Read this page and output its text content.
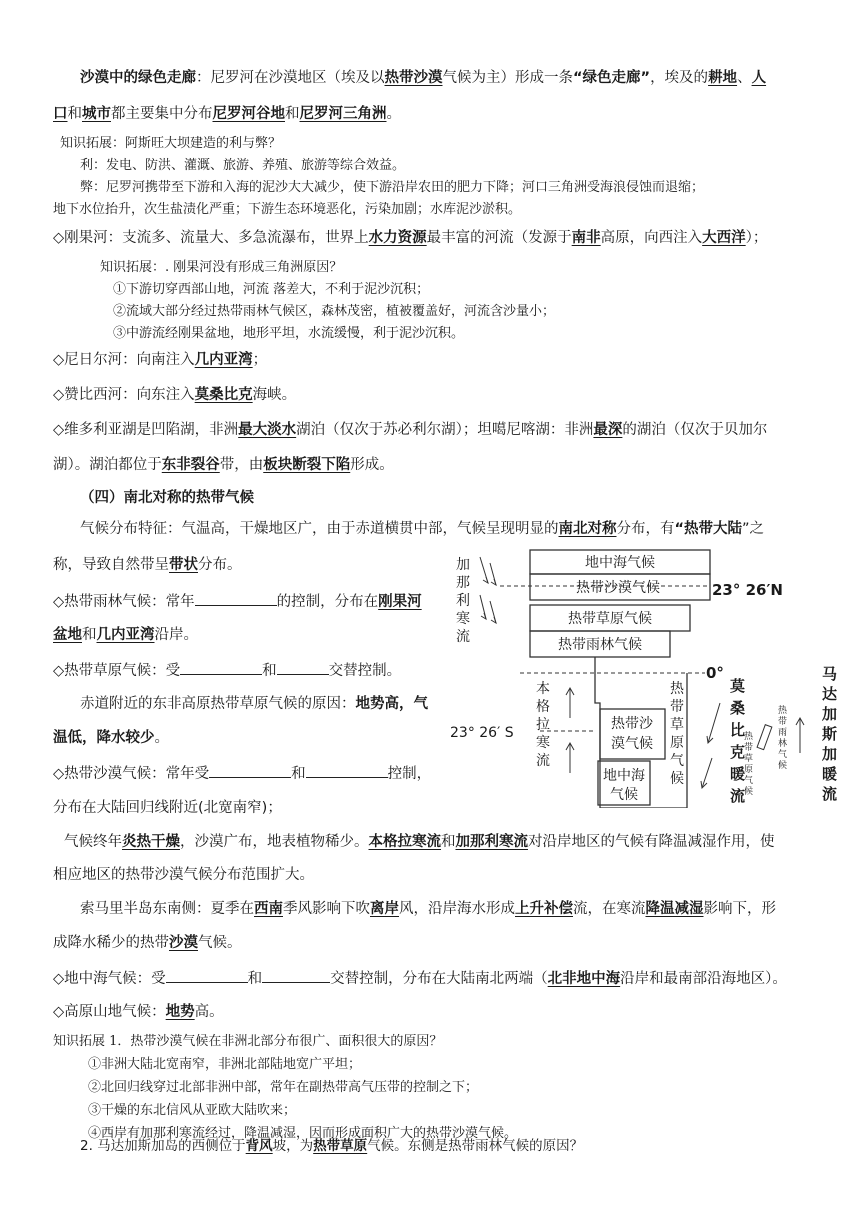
沙漠中的绿色走廊：尼罗河在沙漠地区（埃及以热带沙漠气候为主）形成一条“绿色走廊”，埃及的耕地、人
口和城市都主要集中分布尼罗河谷地和尼罗河三角洲。
知识拓展：阿斯旺大坝建造的利与弊？
利：发电、防洪、灌溉、旅游、养殖、旅游等综合效益。
弊：尼罗河携带至下游和入海的泥沙大大减少，使下游沿岸农田的肥力下降；河口三角洲受海浪侵蚀而退缩；
地下水位抬升，次生盐渍化严重；下游生态环境恶化，污染加剧；水库泥沙淤积。
◇刚果河：支流多、流量大、多急流瀑布，世界上水力资源最丰富的河流（发源于南非高原，向西注入大西洋）；
知识拓展：. 刚果河没有形成三角洲原因？
①下游切穿西部山地，河流 落差大，不利于泥沙沉积；
②流域大部分经过热带雨林气候区，森林茂密，植被覆盖好，河流含沙量小；
③中游流经刚果盆地，地形平坦，水流缓慢，利于泥沙沉积。
◇尼日尔河：向南注入几内亚湾；
◇赞比西河：向东注入莫桑比克海峡。
◇维多利亚湖是凹陷湖，非洲最大淡水湖泊（仅次于苏必利尔湖）；坦噶尼喀湖：非洲最深的湖泊（仅次于贝加尔
湖）。湖泊都位于东非裂谷带，由板块断裂下陷形成。
（四）南北对称的热带气候
气候分布特征：气温高，干燥地区广，由于赤道横贯中部，气候呈现明显的南北对称分布，有“热带大陆”之
称，导致自然带呈带状分布。
◇热带雨林气候：常年	的控制，分布在刚果河
盆地和几内亚湾沿岸。
◇热带草原气候：受	和	交替控制。
赤道附近的东非高原热带草原气候的原因：地势高，气
温低，降水较少。
◇热带沙漠气候：常年受	和	控制，
分布在大陆回归线附近(北宽南窄)；
气候终年炎热干燥，沙漠广布，地表植物稀少。本格拉寒流和加那利寒流对沿岸地区的气候有降温减湿作用，使
相应地区的热带沙漠气候分布范围扩大。
索马里半岛东南侧：夏季在西南季风影响下吹离岸风，沿岸海水形成上升补偿流，在寒流降温减湿影响下，形
成降水稀少的热带沙漠气候。
◇地中海气候：受	和	交替控制，分布在大陆南北两端（北非地中海沿岸和最南部沿海地区）。
◇高原山地气候：地势高。
知识拓展 1．热带沙漠气候在非洲北部分布很广、面积很大的原因？
①非洲大陆北宽南窄，非洲北部陆地宽广平坦；
②北回归线穿过北部非洲中部，常年在副热带高气压带的控制之下；
③干燥的东北信风从亚欧大陆吹来；
④西岸有加那利寒流经过，降温减湿，因而形成面积广大的热带沙漠气候。
2. 马达加斯加岛的西侧位于背风坡，为热带草原气候。东侧是热带雨林气候的原因？
地中海气候
热带沙漠气候
热带草原气候
热带雨林气候
23° 26′N
加
那
利
寒
流
0°
热带沙
漠气候
地中海
气候
23° 26′ S
本
格
拉
寒
流
热
带
草
原
气
候
莫
桑
比
克
暖
流
热
带
雨
林
气
候
热
带
草
原
气
候
马
达
加
斯
加
暖
流
